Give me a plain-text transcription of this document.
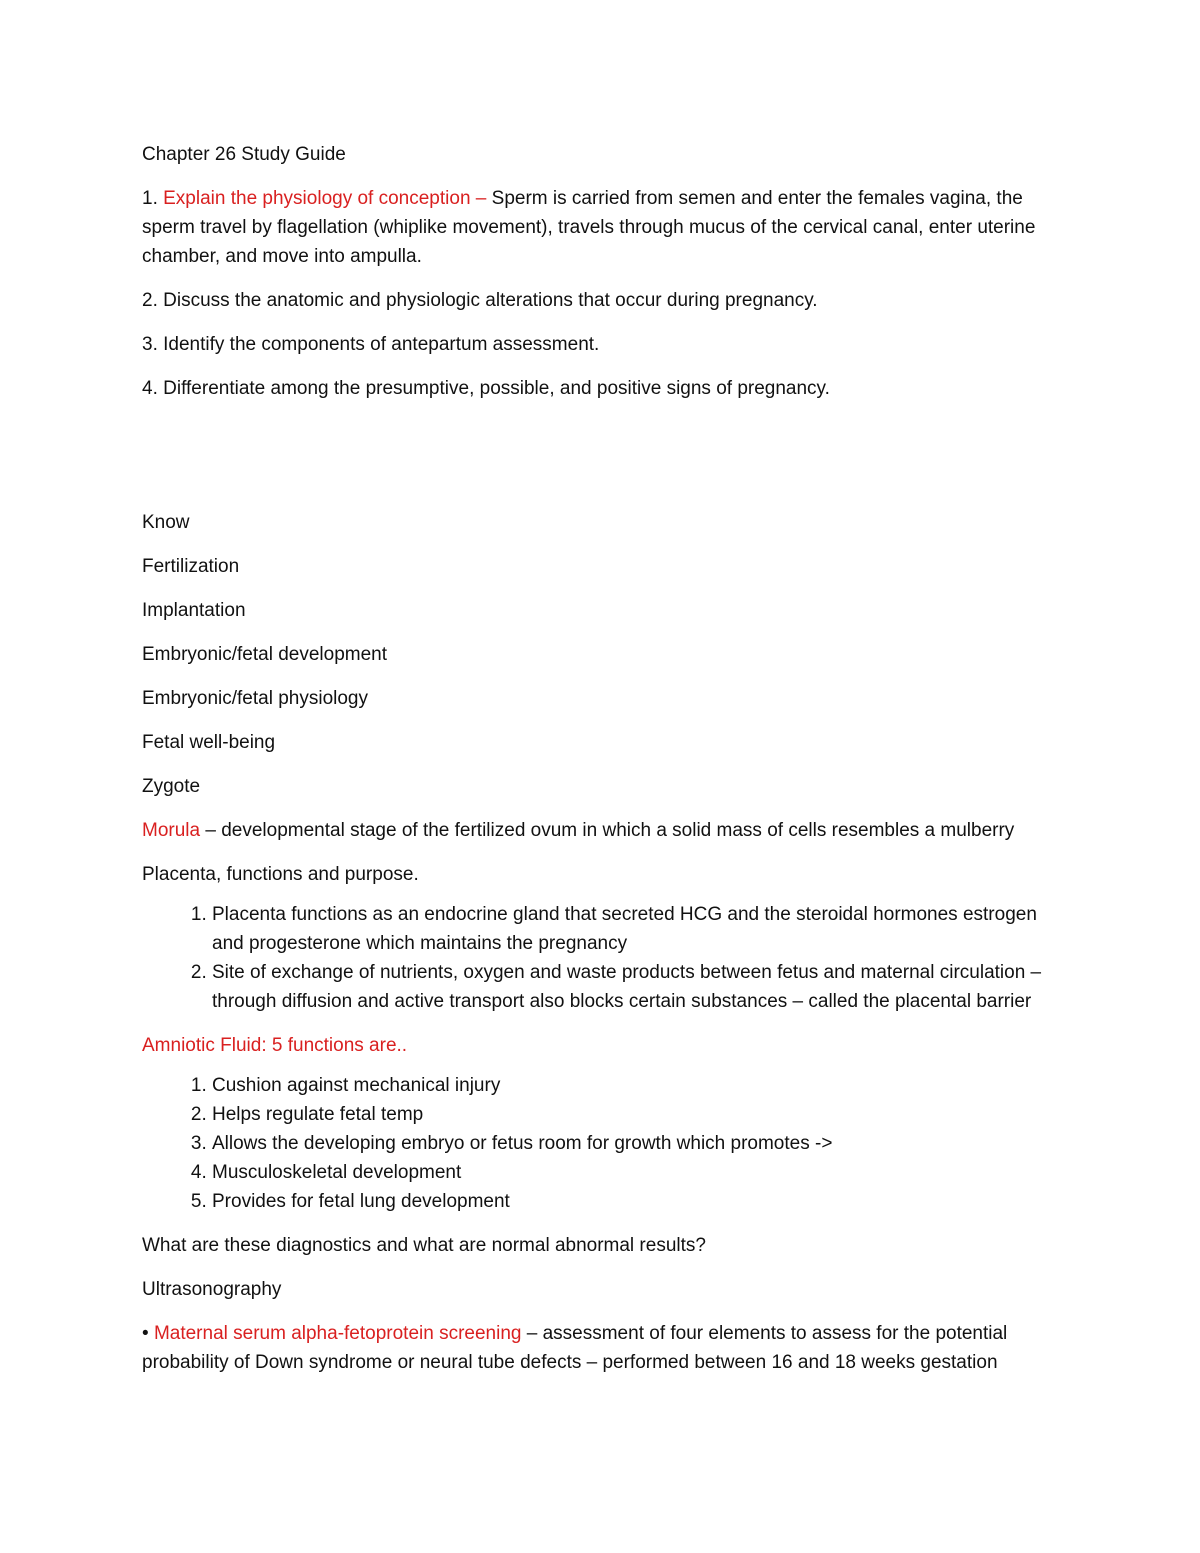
Chapter 26 Study Guide

1. Explain the physiology of conception – Sperm is carried from semen and enter the females vagina, the sperm travel by flagellation (whiplike movement), travels through mucus of the cervical canal, enter uterine chamber, and move into ampulla.

2. Discuss the anatomic and physiologic alterations that occur during pregnancy.

3. Identify the components of antepartum assessment.

4. Differentiate among the presumptive, possible, and positive signs of pregnancy.

Know

Fertilization

Implantation

Embryonic/fetal development

Embryonic/fetal physiology

Fetal well-being

Zygote

Morula – developmental stage of the fertilized ovum in which a solid mass of cells resembles a mulberry

Placenta, functions and purpose.

1. Placenta functions as an endocrine gland that secreted HCG and the steroidal hormones estrogen and progesterone which maintains the pregnancy
2. Site of exchange of nutrients, oxygen and waste products between fetus and maternal circulation – through diffusion and active transport also blocks certain substances – called the placental barrier

Amniotic Fluid: 5 functions are..

1. Cushion against mechanical injury
2. Helps regulate fetal temp
3. Allows the developing embryo or fetus room for growth which promotes ->
4. Musculoskeletal development
5. Provides for fetal lung development

What are these diagnostics and what are normal abnormal results?

Ultrasonography

• Maternal serum alpha-fetoprotein screening – assessment of four elements to assess for the potential probability of Down syndrome or neural tube defects – performed between 16 and 18 weeks gestation
